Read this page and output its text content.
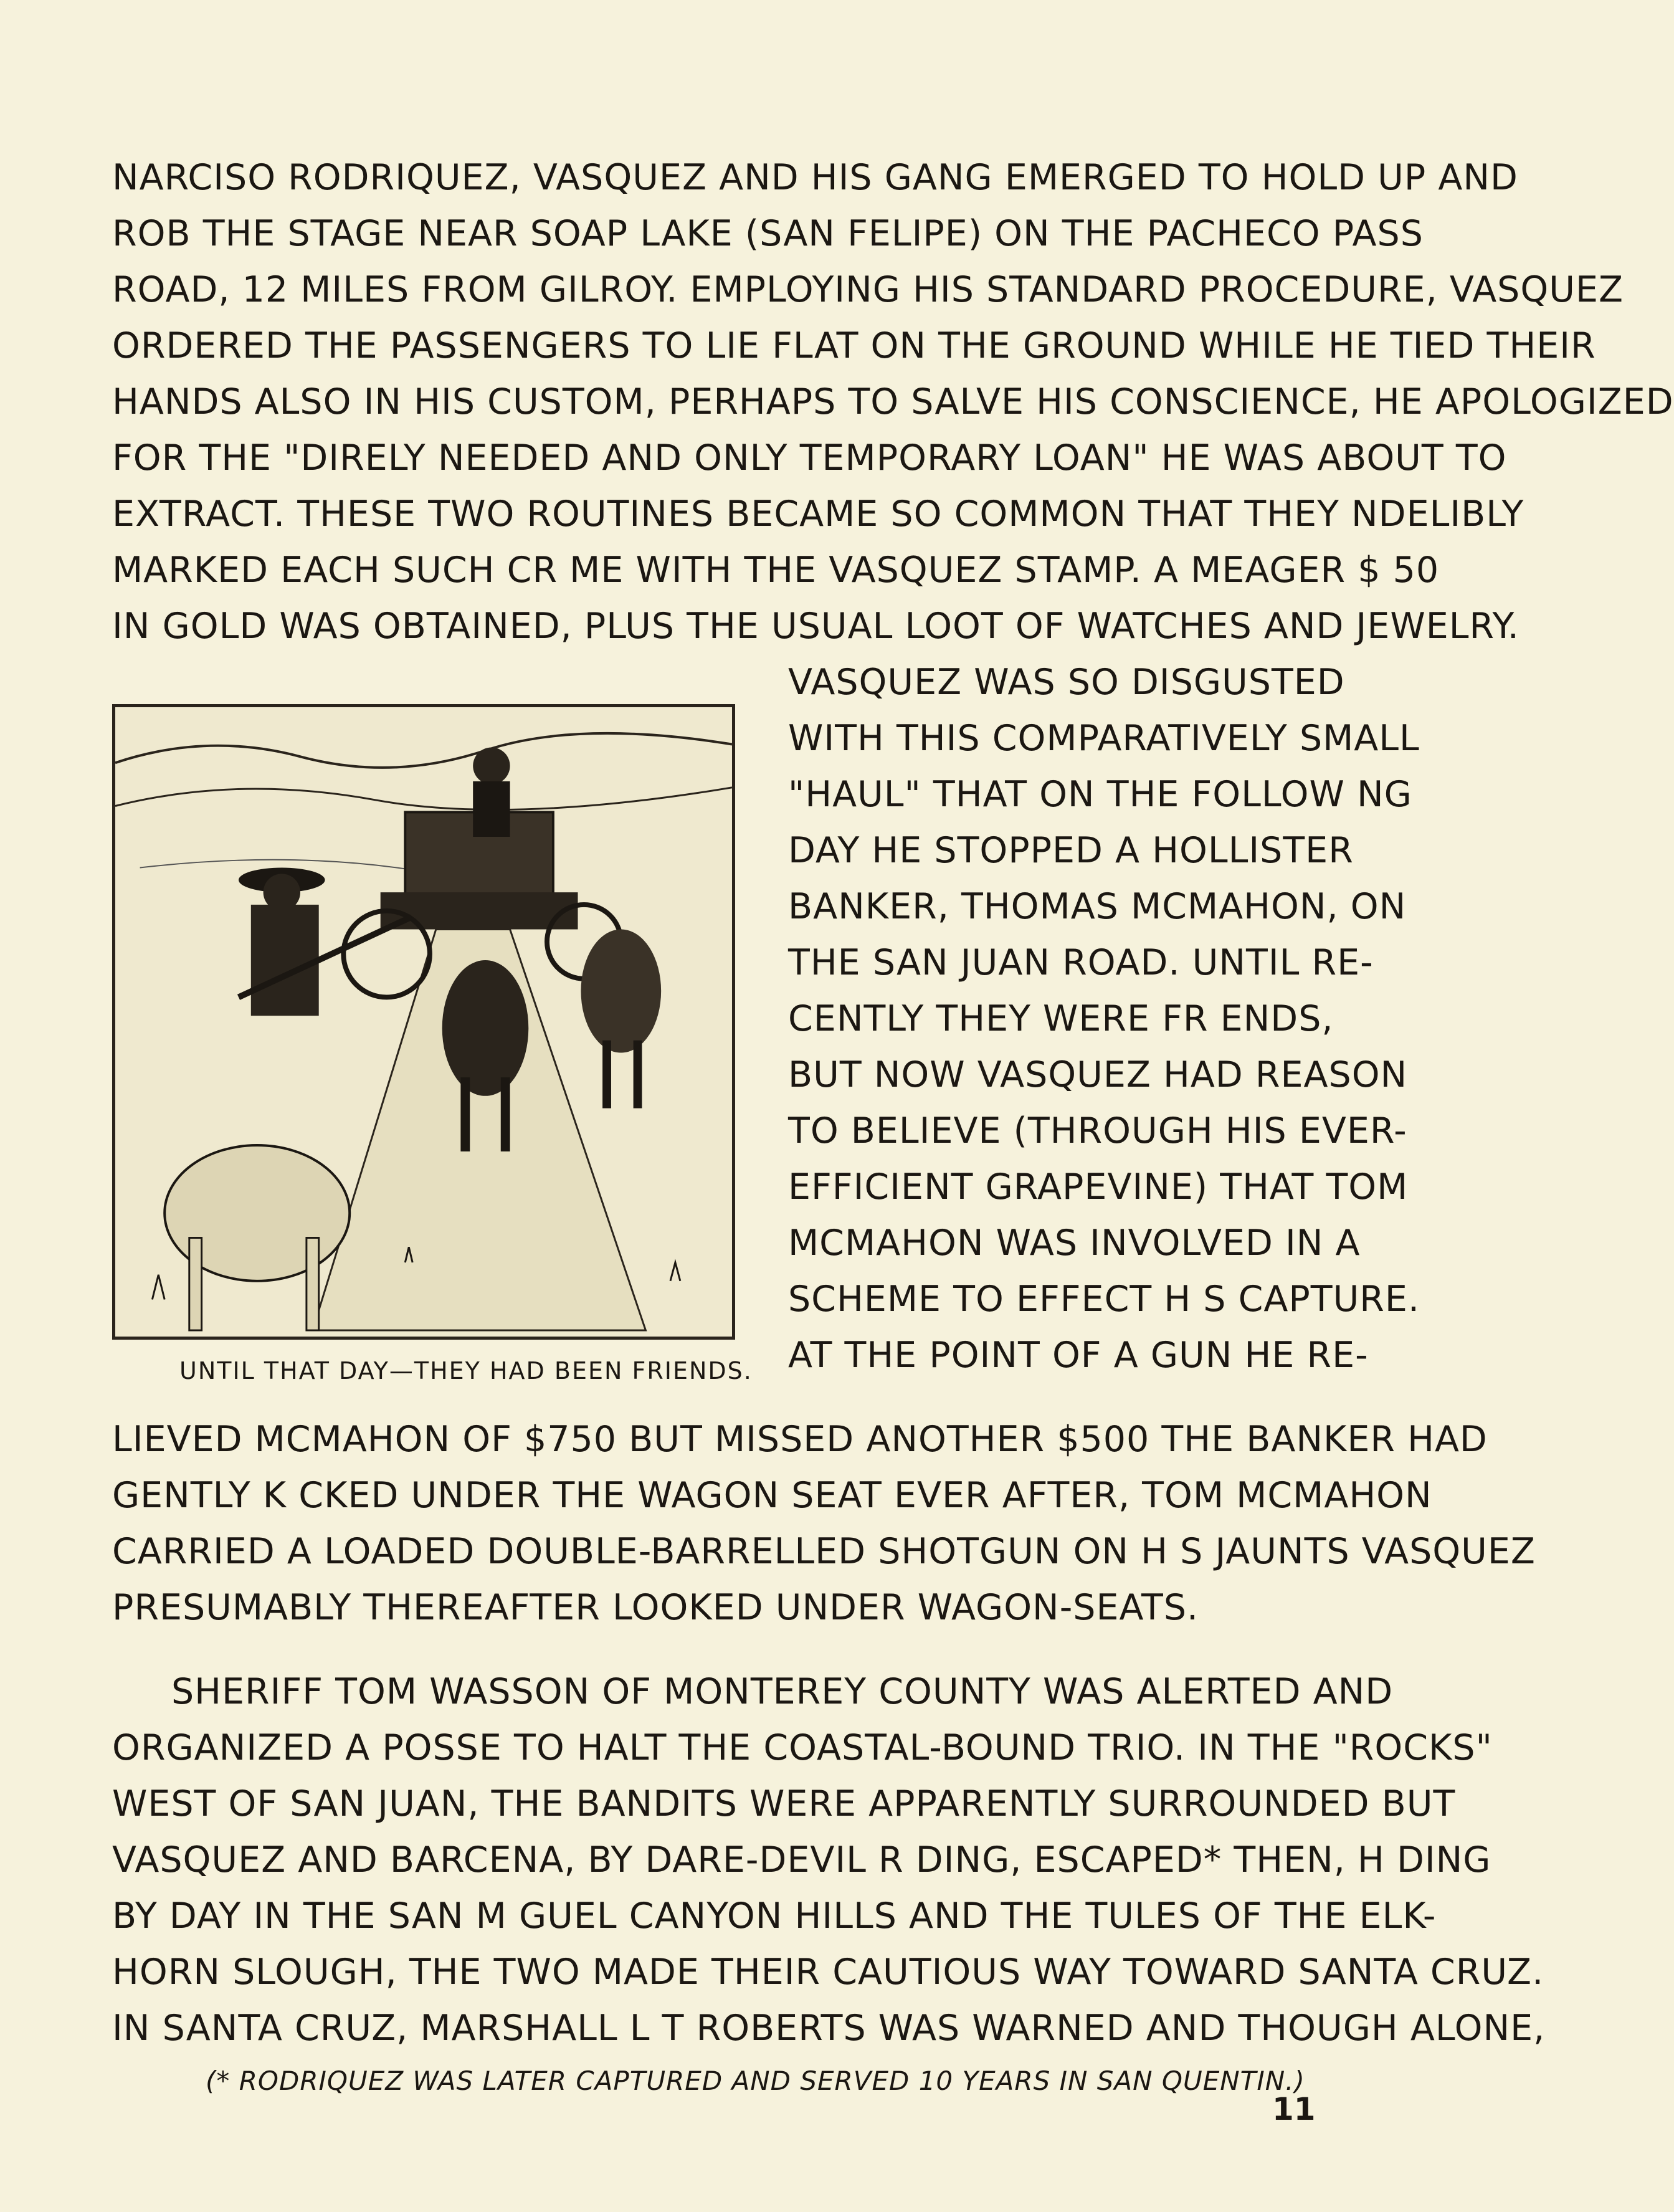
NARCISO RODRIQUEZ, VASQUEZ AND HIS GANG EMERGED TO HOLD UP AND
ROB THE STAGE NEAR SOAP LAKE (SAN FELIPE) ON THE PACHECO PASS
ROAD, 12 MILES FROM GILROY. EMPLOYING HIS STANDARD PROCEDURE, VASQUEZ
ORDERED THE PASSENGERS TO LIE FLAT ON THE GROUND WHILE HE TIED THEIR
HANDS ALSO IN HIS CUSTOM, PERHAPS TO SALVE HIS CONSCIENCE, HE APOLOGIZED
FOR THE "DIRELY NEEDED AND ONLY TEMPORARY LOAN" HE WAS ABOUT TO
EXTRACT. THESE TWO ROUTINES BECAME SO COMMON THAT THEY NDELIBLY
MARKED EACH SUCH CR ME WITH THE VASQUEZ STAMP. A MEAGER $ 50
IN GOLD WAS OBTAINED, PLUS THE USUAL LOOT OF WATCHES AND JEWELRY.
VASQUEZ WAS SO DISGUSTED
WITH THIS COMPARATIVELY SMALL
"HAUL" THAT ON THE FOLLOW NG
DAY HE STOPPED A HOLLISTER
BANKER, THOMAS MCMAHON, ON
THE SAN JUAN ROAD. UNTIL RE-
CENTLY THEY WERE FR ENDS,
BUT NOW VASQUEZ HAD REASON
TO BELIEVE (THROUGH HIS EVER-
EFFICIENT GRAPEVINE) THAT TOM
MCMAHON WAS INVOLVED IN A
SCHEME TO EFFECT H S CAPTURE.
AT THE POINT OF A GUN HE RE-
UNTIL THAT DAY—THEY HAD BEEN FRIENDS.
LIEVED MCMAHON OF $750 BUT MISSED ANOTHER $500 THE BANKER HAD
GENTLY K CKED UNDER THE WAGON SEAT EVER AFTER, TOM MCMAHON
CARRIED A LOADED DOUBLE-BARRELLED SHOTGUN ON H S JAUNTS VASQUEZ
PRESUMABLY THEREAFTER LOOKED UNDER WAGON-SEATS.
SHERIFF TOM WASSON OF MONTEREY COUNTY WAS ALERTED AND
ORGANIZED A POSSE TO HALT THE COASTAL-BOUND TRIO. IN THE "ROCKS"
WEST OF SAN JUAN, THE BANDITS WERE APPARENTLY SURROUNDED BUT
VASQUEZ AND BARCENA, BY DARE-DEVIL R DING, ESCAPED* THEN, H DING
BY DAY IN THE SAN M GUEL CANYON HILLS AND THE TULES OF THE ELK-
HORN SLOUGH, THE TWO MADE THEIR CAUTIOUS WAY TOWARD SANTA CRUZ.
IN SANTA CRUZ, MARSHALL L T ROBERTS WAS WARNED AND THOUGH ALONE,
(* RODRIQUEZ WAS LATER CAPTURED AND SERVED 10 YEARS IN SAN QUENTIN.)
11
